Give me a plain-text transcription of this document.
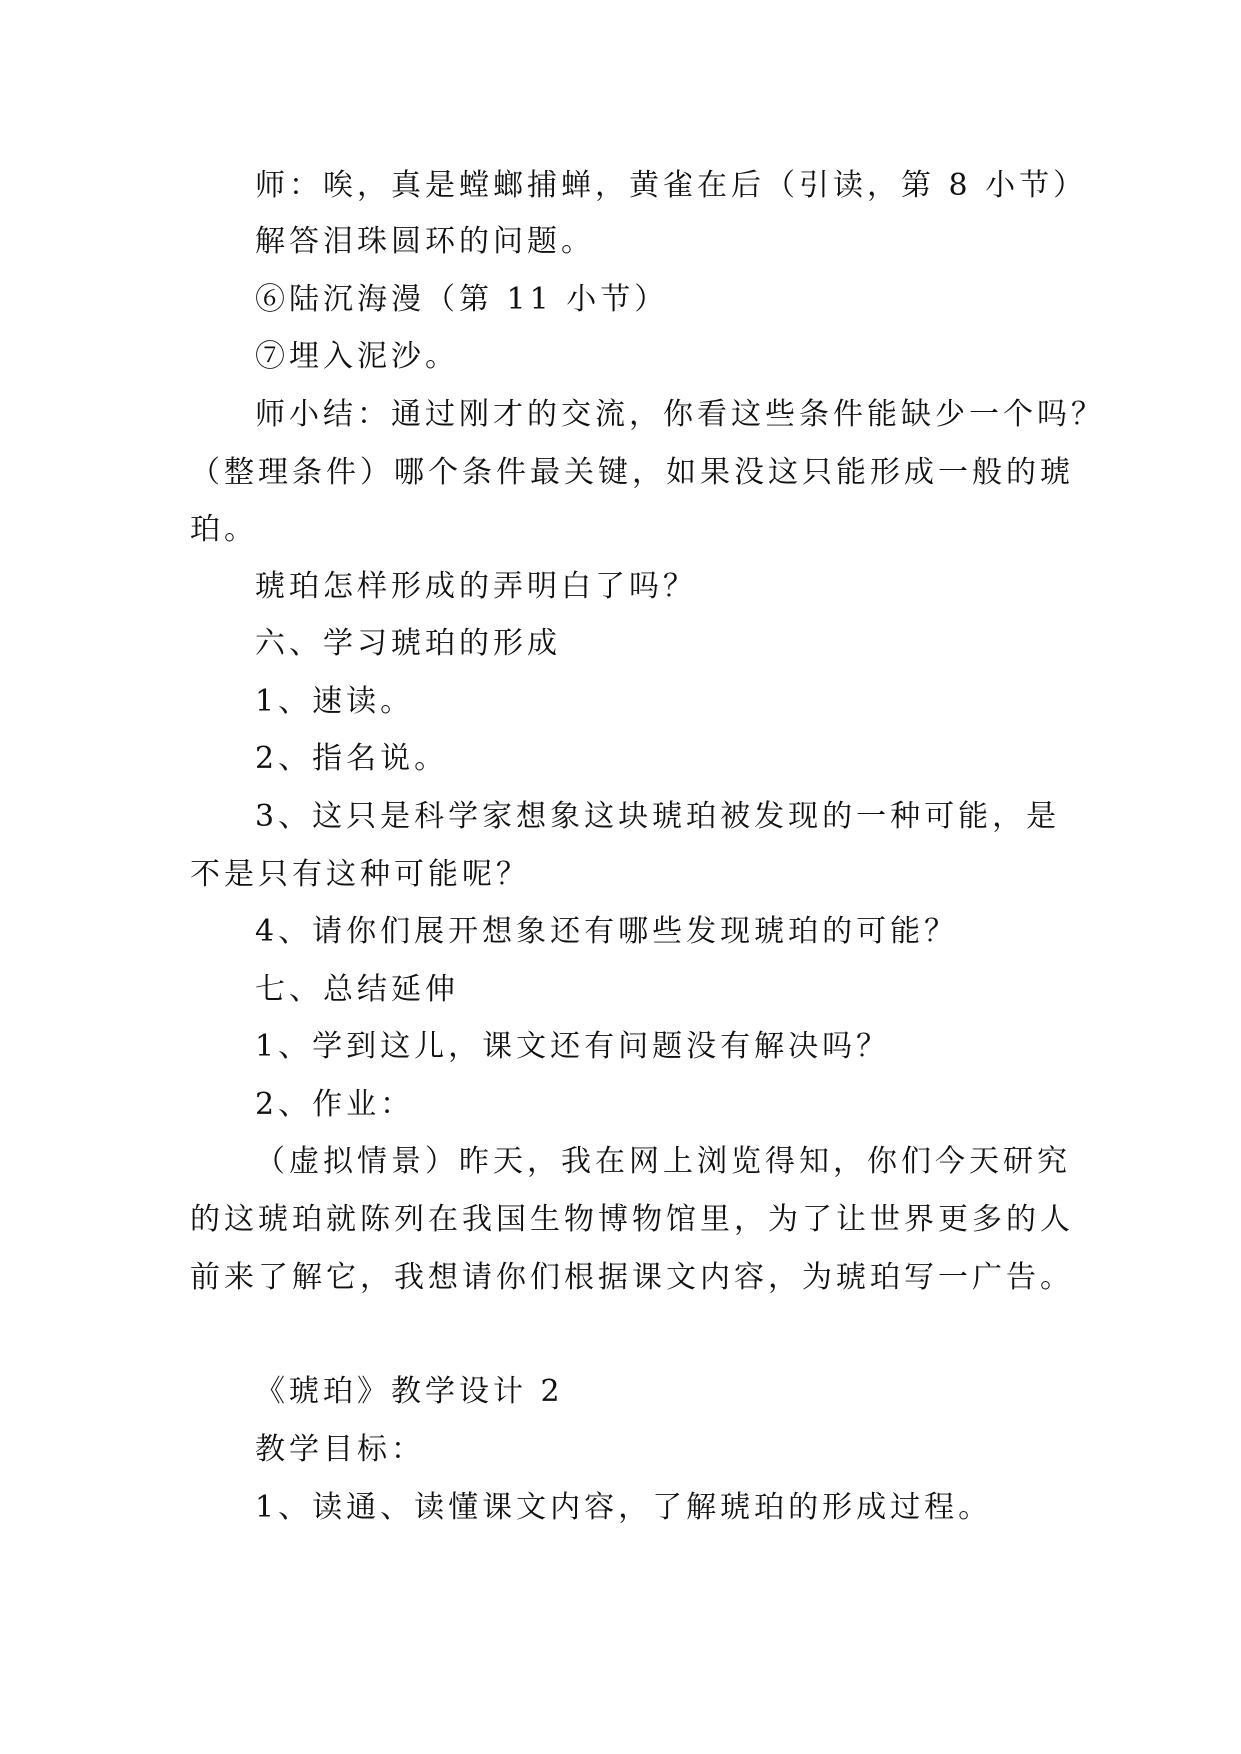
师：唉，真是螳螂捕蝉，黄雀在后（引读，第 8 小节）
解答泪珠圆环的问题。
⑥陆沉海漫（第 11 小节）
⑦埋入泥沙。
师小结：通过刚才的交流，你看这些条件能缺少一个吗？
（整理条件）哪个条件最关键，如果没这只能形成一般的琥
珀。
琥珀怎样形成的弄明白了吗？
六、学习琥珀的形成
1、速读。
2、指名说。
3、这只是科学家想象这块琥珀被发现的一种可能，是
不是只有这种可能呢？
4、请你们展开想象还有哪些发现琥珀的可能？
七、总结延伸
1、学到这儿，课文还有问题没有解决吗？
2、作业：
（虚拟情景）昨天，我在网上浏览得知，你们今天研究
的这琥珀就陈列在我国生物博物馆里，为了让世界更多的人
前来了解它，我想请你们根据课文内容，为琥珀写一广告。
《琥珀》教学设计 2
教学目标：
1、读通、读懂课文内容，了解琥珀的形成过程。
